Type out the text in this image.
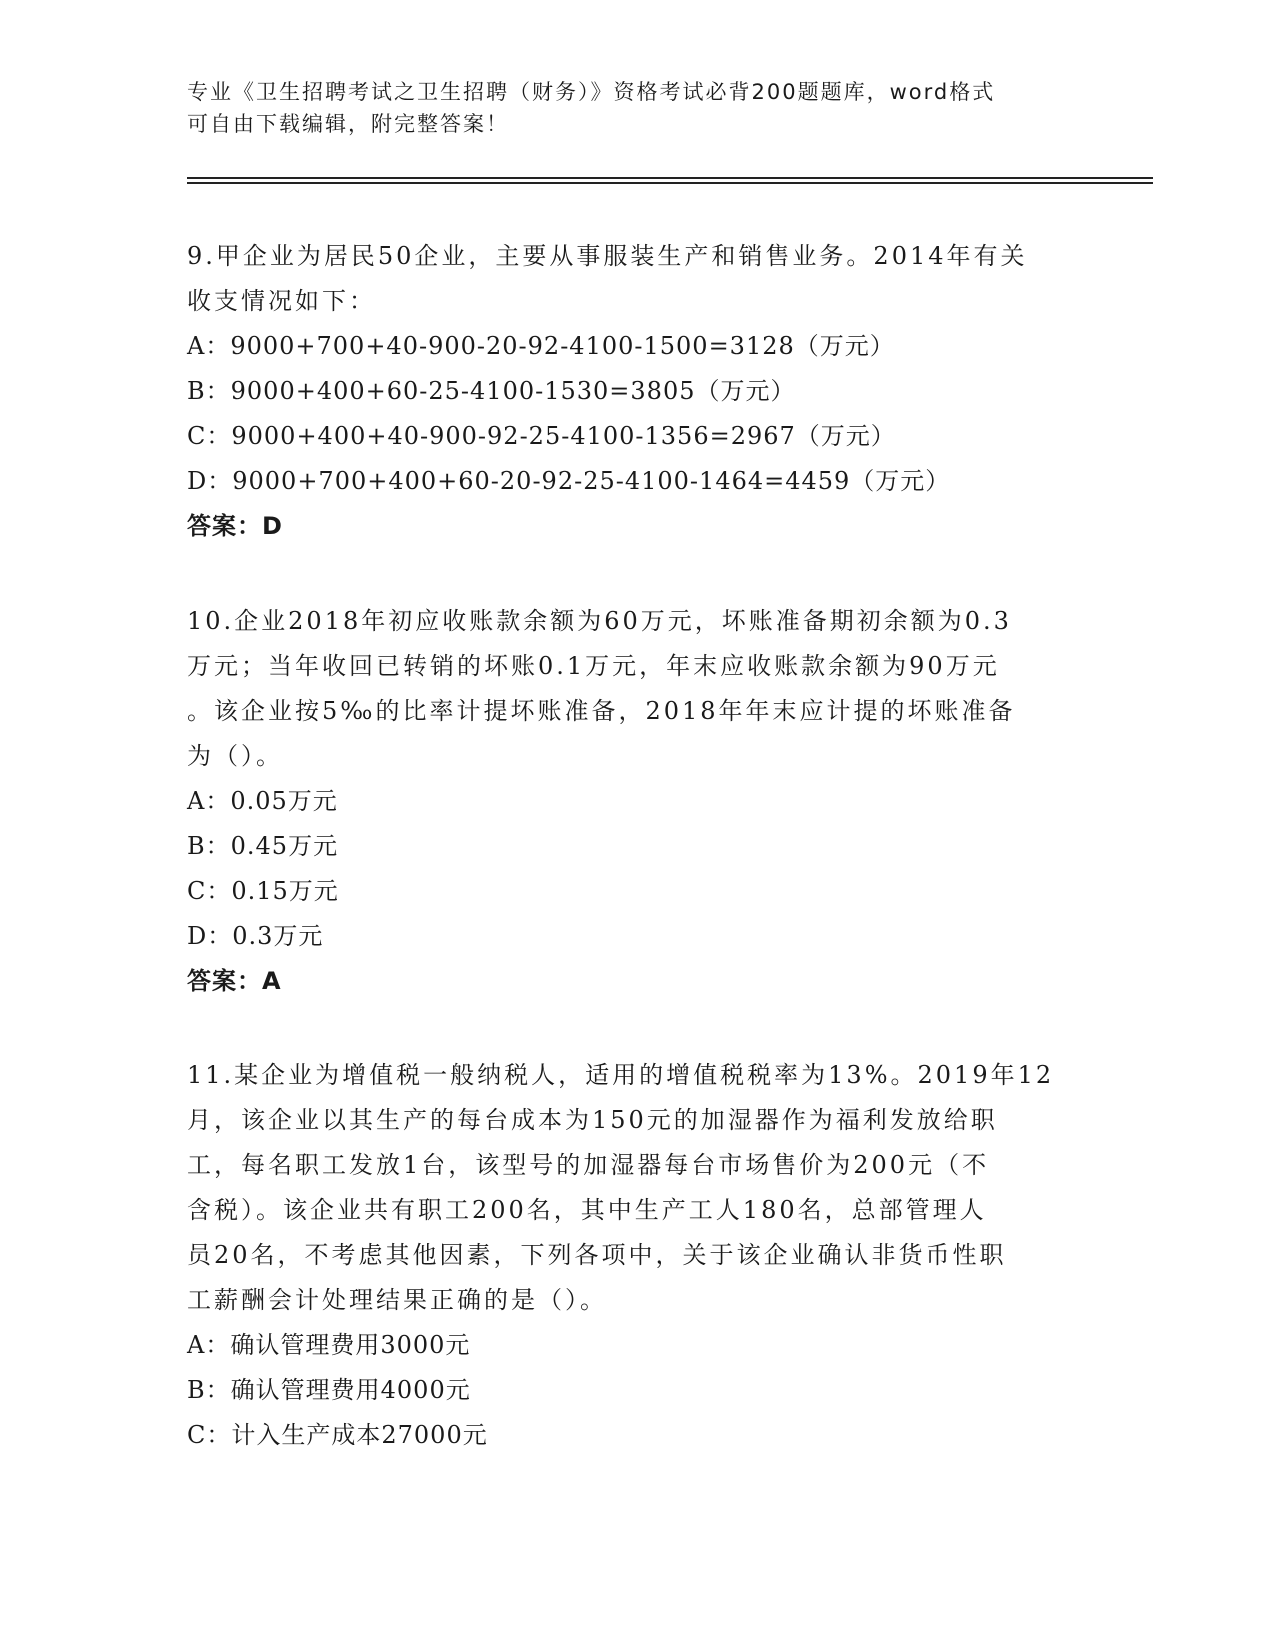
专业《卫生招聘考试之卫生招聘（财务）》资格考试必背200题题库，word格式
可自由下载编辑，附完整答案！

9.甲企业为居民50企业，主要从事服装生产和销售业务。2014年有关

收支情况如下：

A：9000+700+40-900-20-92-4100-1500=3128（万元）

B：9000+400+60-25-4100-1530=3805（万元）

C：9000+400+40-900-92-25-4100-1356=2967（万元）

D：9000+700+400+60-20-92-25-4100-1464=4459（万元）

答案：D

10.企业2018年初应收账款余额为60万元，坏账准备期初余额为0.3

万元；当年收回已转销的坏账0.1万元，年末应收账款余额为90万元

。该企业按5‰的比率计提坏账准备，2018年年末应计提的坏账准备

为（）。

A：0.05万元

B：0.45万元

C：0.15万元

D：0.3万元

答案：A

11.某企业为增值税一般纳税人，适用的增值税税率为13%。2019年12

月，该企业以其生产的每台成本为150元的加湿器作为福利发放给职

工，每名职工发放1台，该型号的加湿器每台市场售价为200元（不

含税）。该企业共有职工200名，其中生产工人180名，总部管理人

员20名，不考虑其他因素，下列各项中，关于该企业确认非货币性职

工薪酬会计处理结果正确的是（）。

A：确认管理费用3000元

B：确认管理费用4000元

C：计入生产成本27000元
